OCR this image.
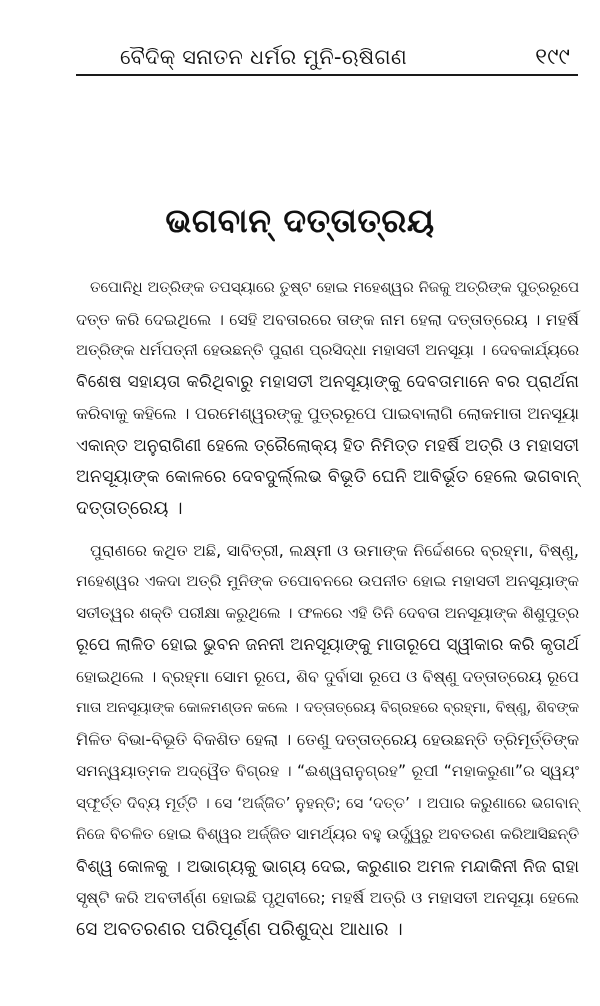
ବୈଦିକ୍ ସନାତନ ଧର୍ମର ମୁନି-ଋଷିଗଣ	୧୯୯
ଭଗବାନ୍ ଦତ୍ତାତ୍ରୟ

ତପୋନିଧି ଅତ୍ରିଙ୍କ ତପସ୍ୟାରେ ତୁଷ୍ଟ ହୋଇ ମହେଶ୍ୱର ନିଜକୁ ଅତ୍ରିଙ୍କ ପୁତ୍ରରୂପେ
ଦତ୍ତ କରି ଦେଇଥିଲେ । ସେହି ଅବତାରରେ ତାଙ୍କ ନାମ ହେଲା ଦତ୍ତାତ୍ରେୟ । ମହର୍ଷି
ଅତ୍ରିଙ୍କ ଧର୍ମପତ୍ନୀ ହେଉଛନ୍ତି ପୁରାଣ ପ୍ରସିଦ୍ଧା ମହାସତୀ ଅନସୂୟା । ଦେବକାର୍ଯ୍ୟରେ
ବିଶେଷ ସହାୟତା କରିଥିବାରୁ ମହାସତୀ ଅନସୂୟାଙ୍କୁ ଦେବତାମାନେ ବର ପ୍ରାର୍ଥନା
କରିବାକୁ କହିଲେ । ପରମେଶ୍ୱରଙ୍କୁ ପୁତ୍ରରୂପେ ପାଇବାଲାଗି ଲୋକମାତା ଅନସୂୟା
ଏକାନ୍ତ ଅନୁରାଗିଣୀ ହେଲେ ତ୍ରୈଲୋକ୍ୟ ହିତ ନିମିତ୍ତ ମହର୍ଷି ଅତ୍ରି ଓ ମହାସତୀ
ଅନସୂୟାଙ୍କ କୋଳରେ ଦେବଦୁର୍ଲ୍ଲଭ ବିଭୂତି ଘେନି ଆବିର୍ଭୂତ ହେଲେ ଭଗବାନ୍
ଦତ୍ତାତ୍ରେୟ ।

ପୁରାଣରେ କଥିତ ଅଛି, ସାବିତ୍ରୀ, ଲକ୍ଷ୍ମୀ ଓ ଉମାଙ୍କ ନିର୍ଦ୍ଦେଶରେ ବ୍ରହ୍ମା, ବିଷ୍ଣୁ,
ମହେଶ୍ୱର ଏକଦା ଅତ୍ରି ମୁନିଙ୍କ ତପୋବନରେ ଉପନୀତ ହୋଇ ମହାସତୀ ଅନସୂୟାଙ୍କ
ସତୀତ୍ୱର ଶକ୍ତି ପରୀକ୍ଷା କରୁଥିଲେ । ଫଳରେ ଏହି ତିନି ଦେବତା ଅନସୂୟାଙ୍କ ଶିଶୁପୁତ୍ର
ରୂପେ ଲାଳିତ ହୋଇ ଭୁବନ ଜନନୀ ଅନସୂୟାଙ୍କୁ ମାତାରୂପେ ସ୍ୱୀକାର କରି କୃତାର୍ଥ
ହୋଇଥିଲେ । ବ୍ରହ୍ମା ସୋମ ରୂପେ, ଶିବ ଦୁର୍ବାସା ରୂପେ ଓ ବିଷ୍ଣୁ ଦତ୍ତାତ୍ରେୟ ରୂପେ
ମାତା ଅନସୂୟାଙ୍କ କୋଳମଣ୍ଡନ କଲେ । ଦତ୍ତାତ୍ରେୟ ବିଗ୍ରହରେ ବ୍ରହ୍ମା, ବିଷ୍ଣୁ, ଶିବଙ୍କ
ମିଳିତ ବିଭା-ବିଭୂତି ବିକଶିତ ହେଲା । ତେଣୁ ଦତ୍ତାତ୍ରେୟ ହେଉଛନ୍ତି ତ୍ରିମୂର୍ତ୍ତିଙ୍କ
ସମନ୍ୱୟାତ୍ମକ ଅଦ୍ୱୈତ ବିଗ୍ରହ । “ଈଶ୍ୱରାନୁଗ୍ରହ” ରୂପୀ “ମହାକରୁଣା”ର ସ୍ୱୟଂ
ସ୍ଫୂର୍ତ୍ତ ଦିବ୍ୟ ମୂର୍ତ୍ତି । ସେ ‘ଅର୍ଜ୍ଜିତ’ ନୁହନ୍ତି; ସେ ‘ଦତ୍ତ’ । ଅପାର କରୁଣାରେ ଭଗବାନ୍
ନିଜେ ବିଚଳିତ ହୋଇ ବିଶ୍ୱର ଅର୍ଜ୍ଜିତ ସାମର୍ଥ୍ୟର ବହୁ ଉର୍ଦ୍ଧ୍ୱରୁ ଅବତରଣ କରିଆସିଛନ୍ତି
ବିଶ୍ୱ କୋଳକୁ । ଅଭାଗ୍ୟକୁ ଭାଗ୍ୟ ଦେଇ, କରୁଣାର ଅମଳ ମନ୍ଦାକିନୀ ନିଜ ରାହା
ସୃଷ୍ଟି କରି ଅବତୀର୍ଣ୍ଣ ହୋଇଛି ପୃଥିବୀରେ; ମହର୍ଷି ଅତ୍ରି ଓ ମହାସତୀ ଅନସୂୟା ହେଲେ
ସେ ଅବତରଣର ପରିପୂର୍ଣ୍ଣ ପରିଶୁଦ୍ଧ ଆଧାର ।
